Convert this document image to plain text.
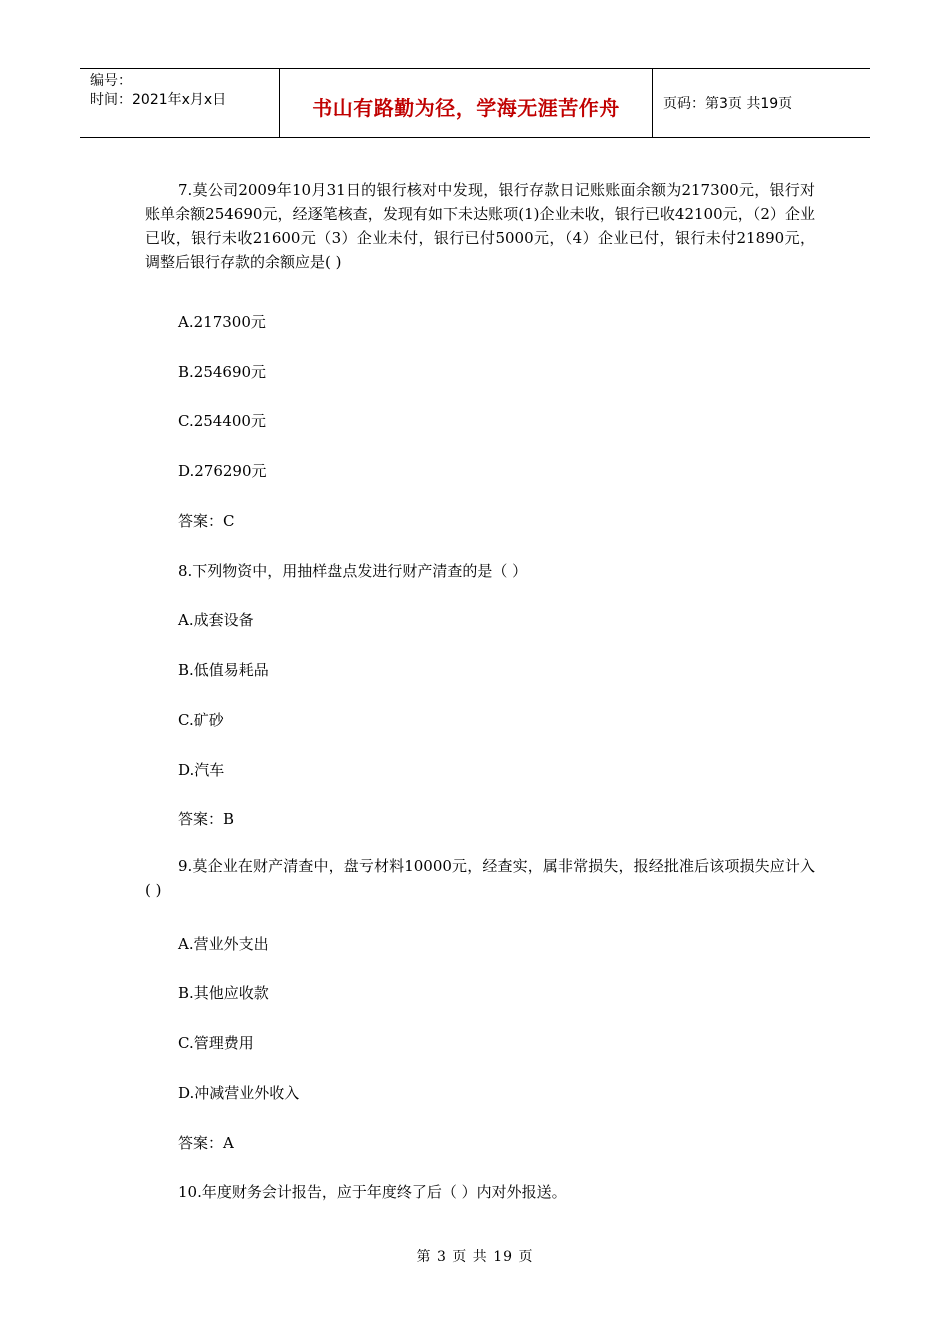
编号：
时间：2021年x月x日	书山有路勤为径，学海无涯苦作舟	页码：第3页 共19页

7.莫公司2009年10月31日的银行核对中发现，银行存款日记账账面余额为217300元，银行对账单余额254690元，经逐笔核查，发现有如下未达账项(1)企业未收，银行已收42100元，（2）企业已收，银行未收21600元（3）企业未付，银行已付5000元，（4）企业已付，银行未付21890元，调整后银行存款的余额应是( )

A.217300元
B.254690元
C.254400元
D.276290元
答案：C
8.下列物资中，用抽样盘点发进行财产清查的是（ ）
A.成套设备
B.低值易耗品
C.矿砂
D.汽车
答案：B

9.莫企业在财产清查中，盘亏材料10000元，经查实，属非常损失，报经批准后该项损失应计入( )

A.营业外支出
B.其他应收款
C.管理费用
D.冲减营业外收入
答案：A
10.年度财务会计报告，应于年度终了后（ ）内对外报送。
第 3 页 共 19 页
